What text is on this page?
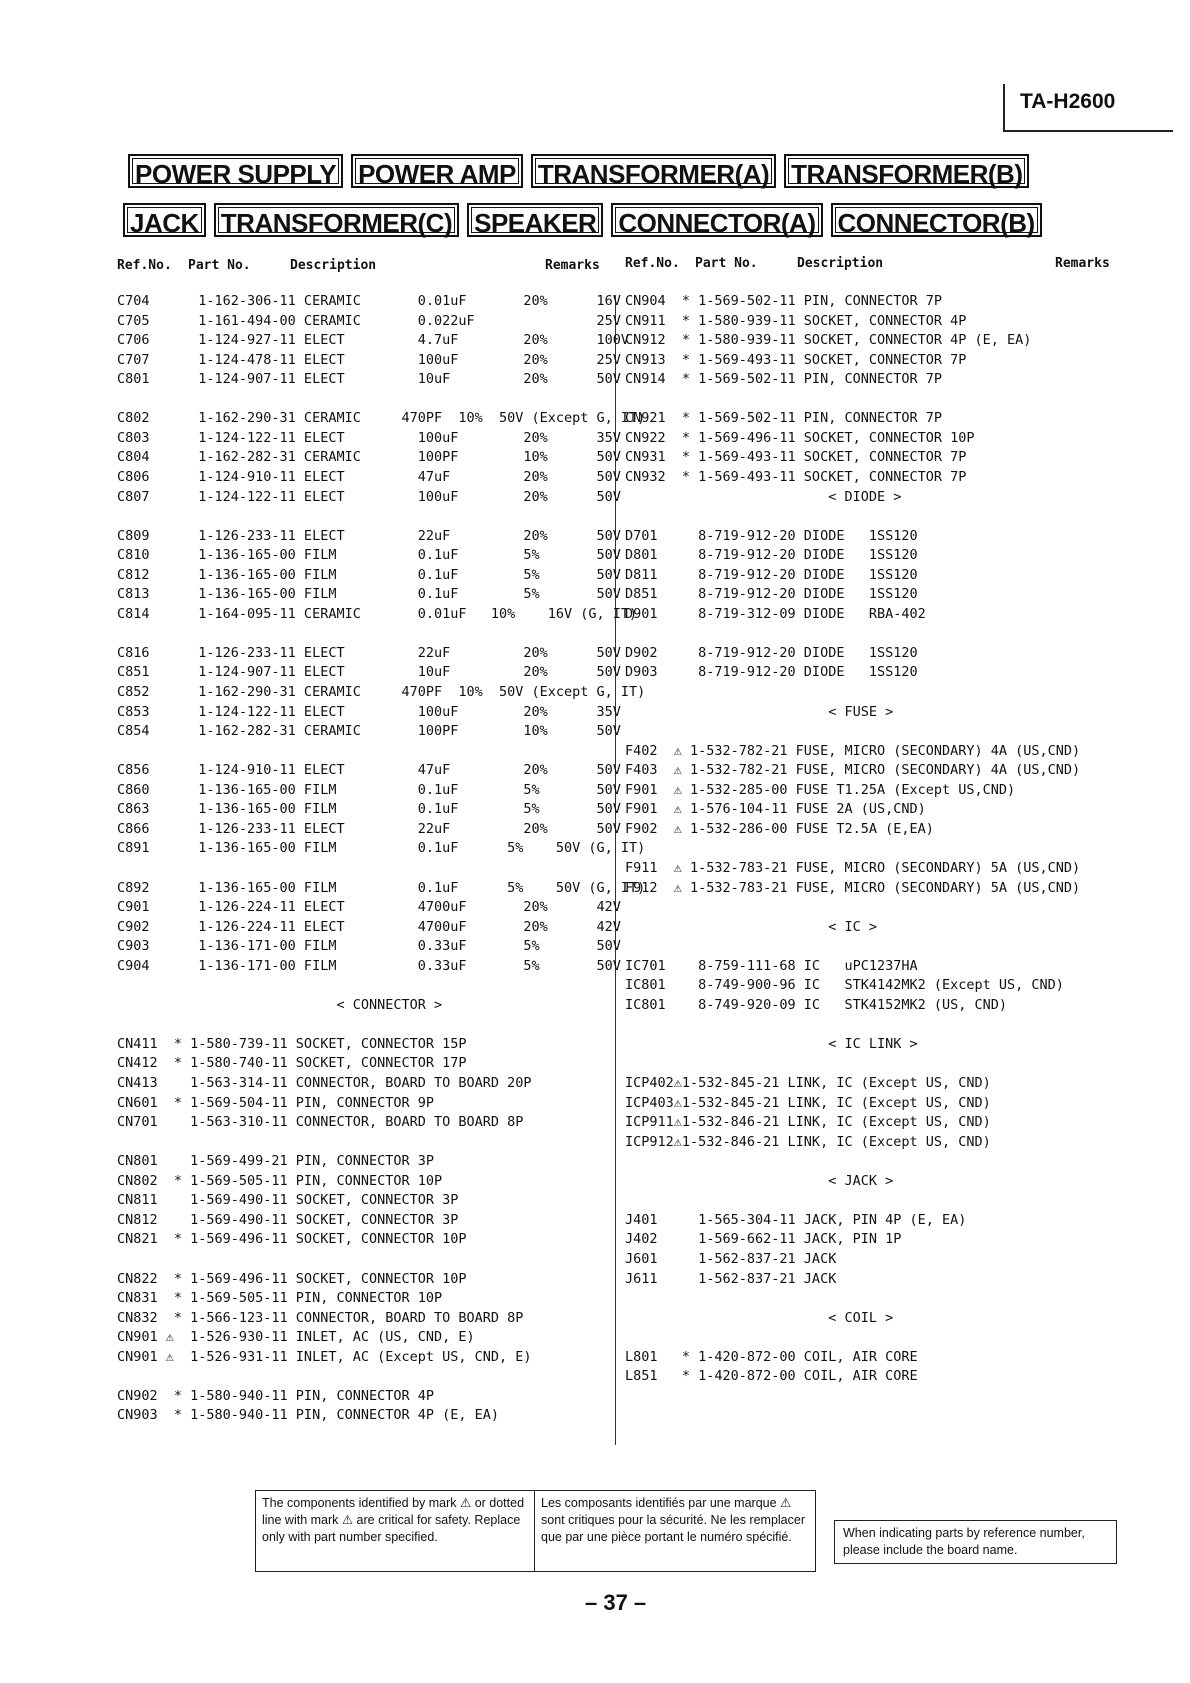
TA-H2600
POWER SUPPLY POWER AMP TRANSFORMER(A) TRANSFORMER(B)
JACK TRANSFORMER(C) SPEAKER CONNECTOR(A) CONNECTOR(B)
Ref.No. Part No.	Description	Remarks Ref.No. Part No.	Description	Remarks
C704      1-162-306-11 CERAMIC       0.01uF       20%      16V
C705      1-161-494-00 CERAMIC       0.022uF               25V
C706      1-124-927-11 ELECT         4.7uF        20%      100V
C707      1-124-478-11 ELECT         100uF        20%      25V
C801      1-124-907-11 ELECT         10uF         20%      50V
C802      1-162-290-31 CERAMIC     470PF  10%  50V (Except G, IT)
C803      1-124-122-11 ELECT         100uF        20%      35V
C804      1-162-282-31 CERAMIC       100PF        10%      50V
C806      1-124-910-11 ELECT         47uF         20%      50V
C807      1-124-122-11 ELECT         100uF        20%      50V
C809      1-126-233-11 ELECT         22uF         20%      50V
C810      1-136-165-00 FILM          0.1uF        5%       50V
C812      1-136-165-00 FILM          0.1uF        5%       50V
C813      1-136-165-00 FILM          0.1uF        5%       50V
C814      1-164-095-11 CERAMIC       0.01uF   10%    16V (G, IT)
C816      1-126-233-11 ELECT         22uF         20%      50V
C851      1-124-907-11 ELECT         10uF         20%      50V
C852      1-162-290-31 CERAMIC     470PF  10%  50V (Except G, IT)
C853      1-124-122-11 ELECT         100uF        20%      35V
C854      1-162-282-31 CERAMIC       100PF        10%      50V
C856      1-124-910-11 ELECT         47uF         20%      50V
C860      1-136-165-00 FILM          0.1uF        5%       50V
C863      1-136-165-00 FILM          0.1uF        5%       50V
C866      1-126-233-11 ELECT         22uF         20%      50V
C891      1-136-165-00 FILM          0.1uF      5%    50V (G, IT)
C892      1-136-165-00 FILM          0.1uF      5%    50V (G, IT)
C901      1-126-224-11 ELECT         4700uF       20%      42V
C902      1-126-224-11 ELECT         4700uF       20%      42V
C903      1-136-171-00 FILM          0.33uF       5%       50V
C904      1-136-171-00 FILM          0.33uF       5%       50V
< CONNECTOR >
CN411  * 1-580-739-11 SOCKET, CONNECTOR 15P
CN412  * 1-580-740-11 SOCKET, CONNECTOR 17P
CN413    1-563-314-11 CONNECTOR, BOARD TO BOARD 20P
CN601  * 1-569-504-11 PIN, CONNECTOR 9P
CN701    1-563-310-11 CONNECTOR, BOARD TO BOARD 8P
CN801    1-569-499-21 PIN, CONNECTOR 3P
CN802  * 1-569-505-11 PIN, CONNECTOR 10P
CN811    1-569-490-11 SOCKET, CONNECTOR 3P
CN812    1-569-490-11 SOCKET, CONNECTOR 3P
CN821  * 1-569-496-11 SOCKET, CONNECTOR 10P
CN822  * 1-569-496-11 SOCKET, CONNECTOR 10P
CN831  * 1-569-505-11 PIN, CONNECTOR 10P
CN832  * 1-566-123-11 CONNECTOR, BOARD TO BOARD 8P
CN901 ⚠  1-526-930-11 INLET, AC (US, CND, E)
CN901 ⚠  1-526-931-11 INLET, AC (Except US, CND, E)
CN902  * 1-580-940-11 PIN, CONNECTOR 4P
CN903  * 1-580-940-11 PIN, CONNECTOR 4P (E, EA)
CN904  * 1-569-502-11 PIN, CONNECTOR 7P
CN911  * 1-580-939-11 SOCKET, CONNECTOR 4P
CN912  * 1-580-939-11 SOCKET, CONNECTOR 4P (E, EA)
CN913  * 1-569-493-11 SOCKET, CONNECTOR 7P
CN914  * 1-569-502-11 PIN, CONNECTOR 7P
CN921  * 1-569-502-11 PIN, CONNECTOR 7P
CN922  * 1-569-496-11 SOCKET, CONNECTOR 10P
CN931  * 1-569-493-11 SOCKET, CONNECTOR 7P
CN932  * 1-569-493-11 SOCKET, CONNECTOR 7P
< DIODE >
D701     8-719-912-20 DIODE   1SS120
D801     8-719-912-20 DIODE   1SS120
D811     8-719-912-20 DIODE   1SS120
D851     8-719-912-20 DIODE   1SS120
D901     8-719-312-09 DIODE   RBA-402
D902     8-719-912-20 DIODE   1SS120
D903     8-719-912-20 DIODE   1SS120
< FUSE >
F402  ⚠ 1-532-782-21 FUSE, MICRO (SECONDARY) 4A (US,CND)
F403  ⚠ 1-532-782-21 FUSE, MICRO (SECONDARY) 4A (US,CND)
F901  ⚠ 1-532-285-00 FUSE T1.25A (Except US,CND)
F901  ⚠ 1-576-104-11 FUSE 2A (US,CND)
F902  ⚠ 1-532-286-00 FUSE T2.5A (E,EA)
F911  ⚠ 1-532-783-21 FUSE, MICRO (SECONDARY) 5A (US,CND)
F912  ⚠ 1-532-783-21 FUSE, MICRO (SECONDARY) 5A (US,CND)
< IC >
IC701    8-759-111-68 IC   uPC1237HA
IC801    8-749-900-96 IC   STK4142MK2 (Except US, CND)
IC801    8-749-920-09 IC   STK4152MK2 (US, CND)
< IC LINK >
ICP402⚠1-532-845-21 LINK, IC (Except US, CND)
ICP403⚠1-532-845-21 LINK, IC (Except US, CND)
ICP911⚠1-532-846-21 LINK, IC (Except US, CND)
ICP912⚠1-532-846-21 LINK, IC (Except US, CND)
< JACK >
J401     1-565-304-11 JACK, PIN 4P (E, EA)
J402     1-569-662-11 JACK, PIN 1P
J601     1-562-837-21 JACK
J611     1-562-837-21 JACK
< COIL >
L801   * 1-420-872-00 COIL, AIR CORE
L851   * 1-420-872-00 COIL, AIR CORE
The components identified by mark ⚠ or dotted line with mark ⚠ are critical for safety. Replace only with part number specified.
Les composants identifiés par une marque ⚠ sont critiques pour la sécurité. Ne les remplacer que par une pièce portant le numéro spécifié.	When indicating parts by reference number, please include the board name.
– 37 –
